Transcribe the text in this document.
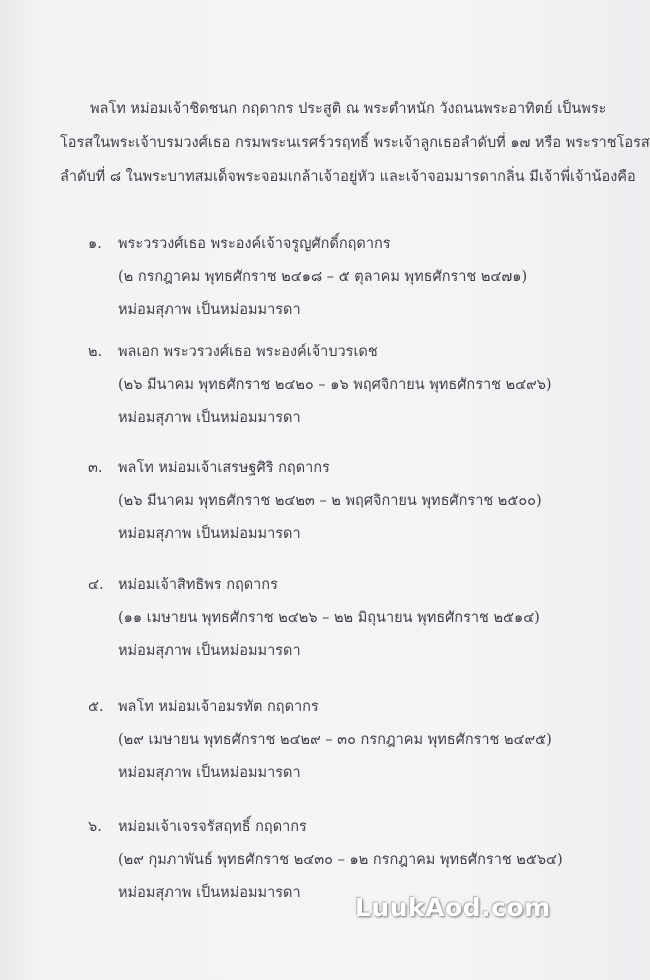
พลโท หม่อมเจ้าชิดชนก กฤดากร ประสูติ ณ พระตำหนัก วังถนนพระอาทิตย์ เป็นพระ
โอรสในพระเจ้าบรมวงศ์เธอ กรมพระนเรศร์วรฤทธิ์ พระเจ้าลูกเธอลำดับที่ ๑๗ หรือ พระราชโอรส
ลำดับที่ ๘ ในพระบาทสมเด็จพระจอมเกล้าเจ้าอยู่หัว และเจ้าจอมมารดากลิ่น มีเจ้าพี่เจ้าน้องคือ
๑. พระวรวงศ์เธอ พระองค์เจ้าจรูญศักดิ์กฤดากร
(๒ กรกฎาคม พุทธศักราช ๒๔๑๘ – ๕ ตุลาคม พุทธศักราช ๒๔๗๑)
หม่อมสุภาพ เป็นหม่อมมารดา
๒. พลเอก พระวรวงศ์เธอ พระองค์เจ้าบวรเดช
(๒๖ มีนาคม พุทธศักราช ๒๔๒๐ – ๑๖ พฤศจิกายน พุทธศักราช ๒๔๙๖)
หม่อมสุภาพ เป็นหม่อมมารดา
๓. พลโท หม่อมเจ้าเสรษฐศิริ กฤดากร
(๒๖ มีนาคม พุทธศักราช ๒๔๒๓ – ๒ พฤศจิกายน พุทธศักราช ๒๕๐๐)
หม่อมสุภาพ เป็นหม่อมมารดา
๔. หม่อมเจ้าสิทธิพร กฤดากร
(๑๑ เมษายน พุทธศักราช ๒๔๒๖ – ๒๒ มิถุนายน พุทธศักราช ๒๕๑๔)
หม่อมสุภาพ เป็นหม่อมมารดา
๕. พลโท หม่อมเจ้าอมรทัต กฤดากร
(๒๙ เมษายน พุทธศักราช ๒๔๒๙ – ๓๐ กรกฎาคม พุทธศักราช ๒๔๙๕)
หม่อมสุภาพ เป็นหม่อมมารดา
๖. หม่อมเจ้าเจรจรัสฤทธิ์ กฤดากร
(๒๙ กุมภาพันธ์ พุทธศักราช ๒๔๓๐ – ๑๒ กรกฎาคม พุทธศักราช ๒๕๖๔)
หม่อมสุภาพ เป็นหม่อมมารดา	LuukAod.com
